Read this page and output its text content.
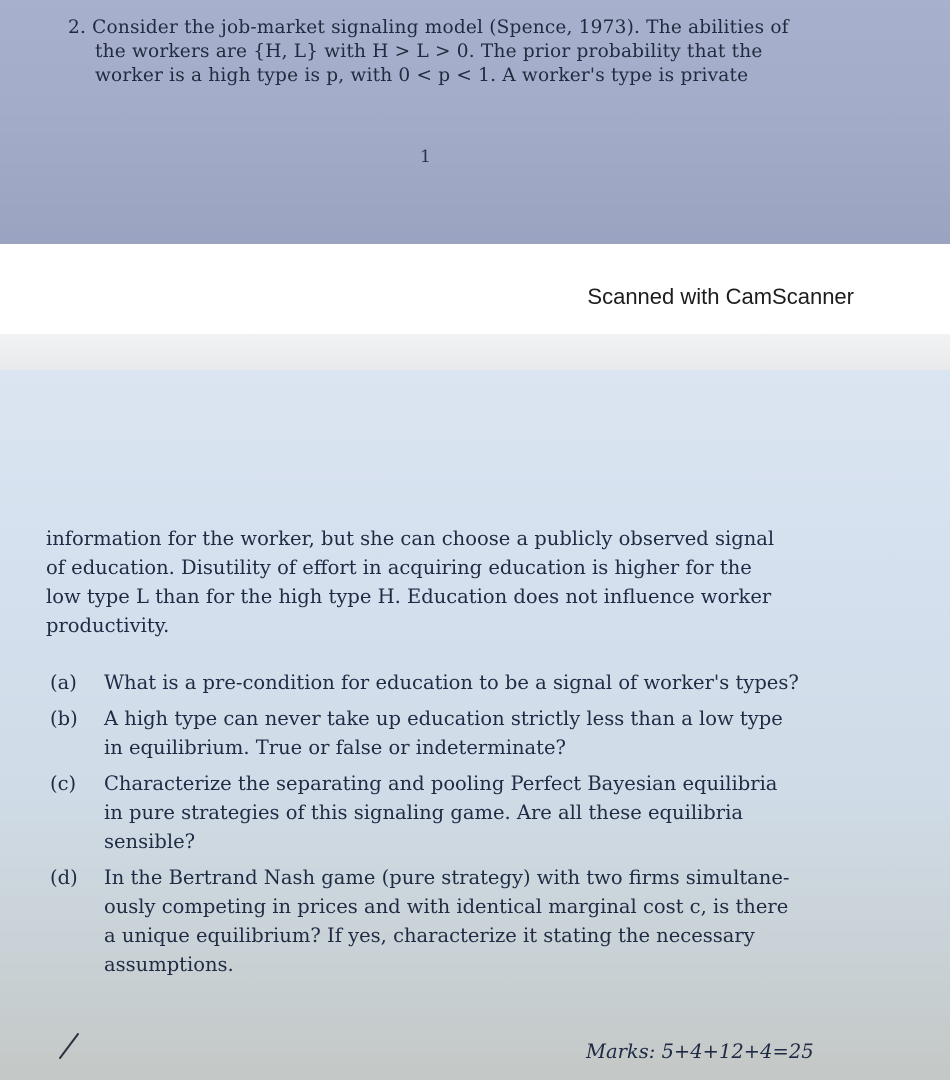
2. Consider the job-market signaling model (Spence, 1973). The abilities of
the workers are {H, L} with H > L > 0. The prior probability that the
worker is a high type is p, with 0 < p < 1. A worker's type is private

1
Scanned with CamScanner

information for the worker, but she can choose a publicly observed signal
of education. Disutility of effort in acquiring education is higher for the
low type L than for the high type H. Education does not influence worker
productivity.

(a) What is a pre-condition for education to be a signal of worker's types?
(b) A high type can never take up education strictly less than a low type
in equilibrium. True or false or indeterminate?
(c) Characterize the separating and pooling Perfect Bayesian equilibria
in pure strategies of this signaling game. Are all these equilibria
sensible?
(d) In the Bertrand Nash game (pure strategy) with two firms simultane-
ously competing in prices and with identical marginal cost c, is there
a unique equilibrium? If yes, characterize it stating the necessary
assumptions.
Marks: 5+4+12+4=25
